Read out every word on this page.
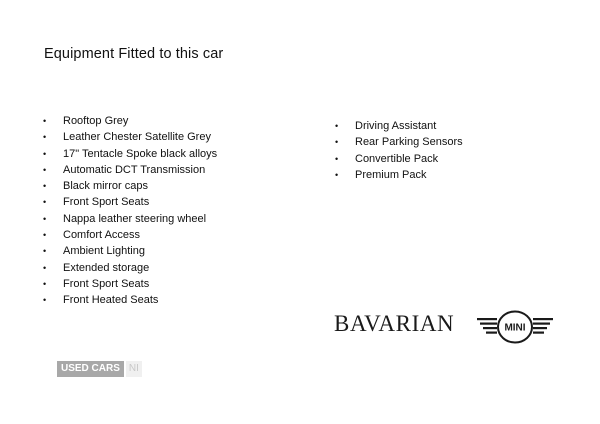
Equipment Fitted to this car
• Rooftop Grey
• Leather Chester Satellite Grey
• 17" Tentacle Spoke black alloys
• Automatic DCT Transmission
• Black mirror caps
• Front Sport Seats
• Nappa leather steering wheel
• Comfort Access
• Ambient Lighting
• Extended storage
• Front Sport Seats
• Front Heated Seats
• Driving Assistant
• Rear Parking Sensors
• Convertible Pack
• Premium Pack
BAVARIAN	MINI
USED CARS NI
